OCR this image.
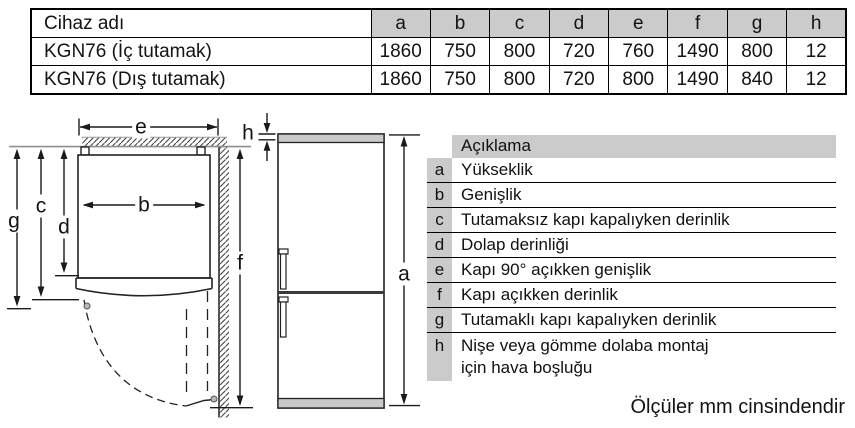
Cihaz adı	a	b	c	d	e	f	g	h
KGN76 (İç tutamak)	1860	750	800	720	760	1490	800	12
KGN76 (Dış tutamak)	1860	750	800	720	800	1490	840	12
e	h
g
c
d
b
f	a
Açıklama
a Yükseklik
b Genişlik
c	Tutamaksız kapı kapalıyken derinlik
d Dolap derinliği
e Kapı 90° açıkken genişlik
f	Kapı açıkken derinlik
g Tutamaklı kapı kapalıyken derinlik
h Nişe veya gömme dolaba montaj için hava boşluğu
Ölçüler mm cinsindendir
